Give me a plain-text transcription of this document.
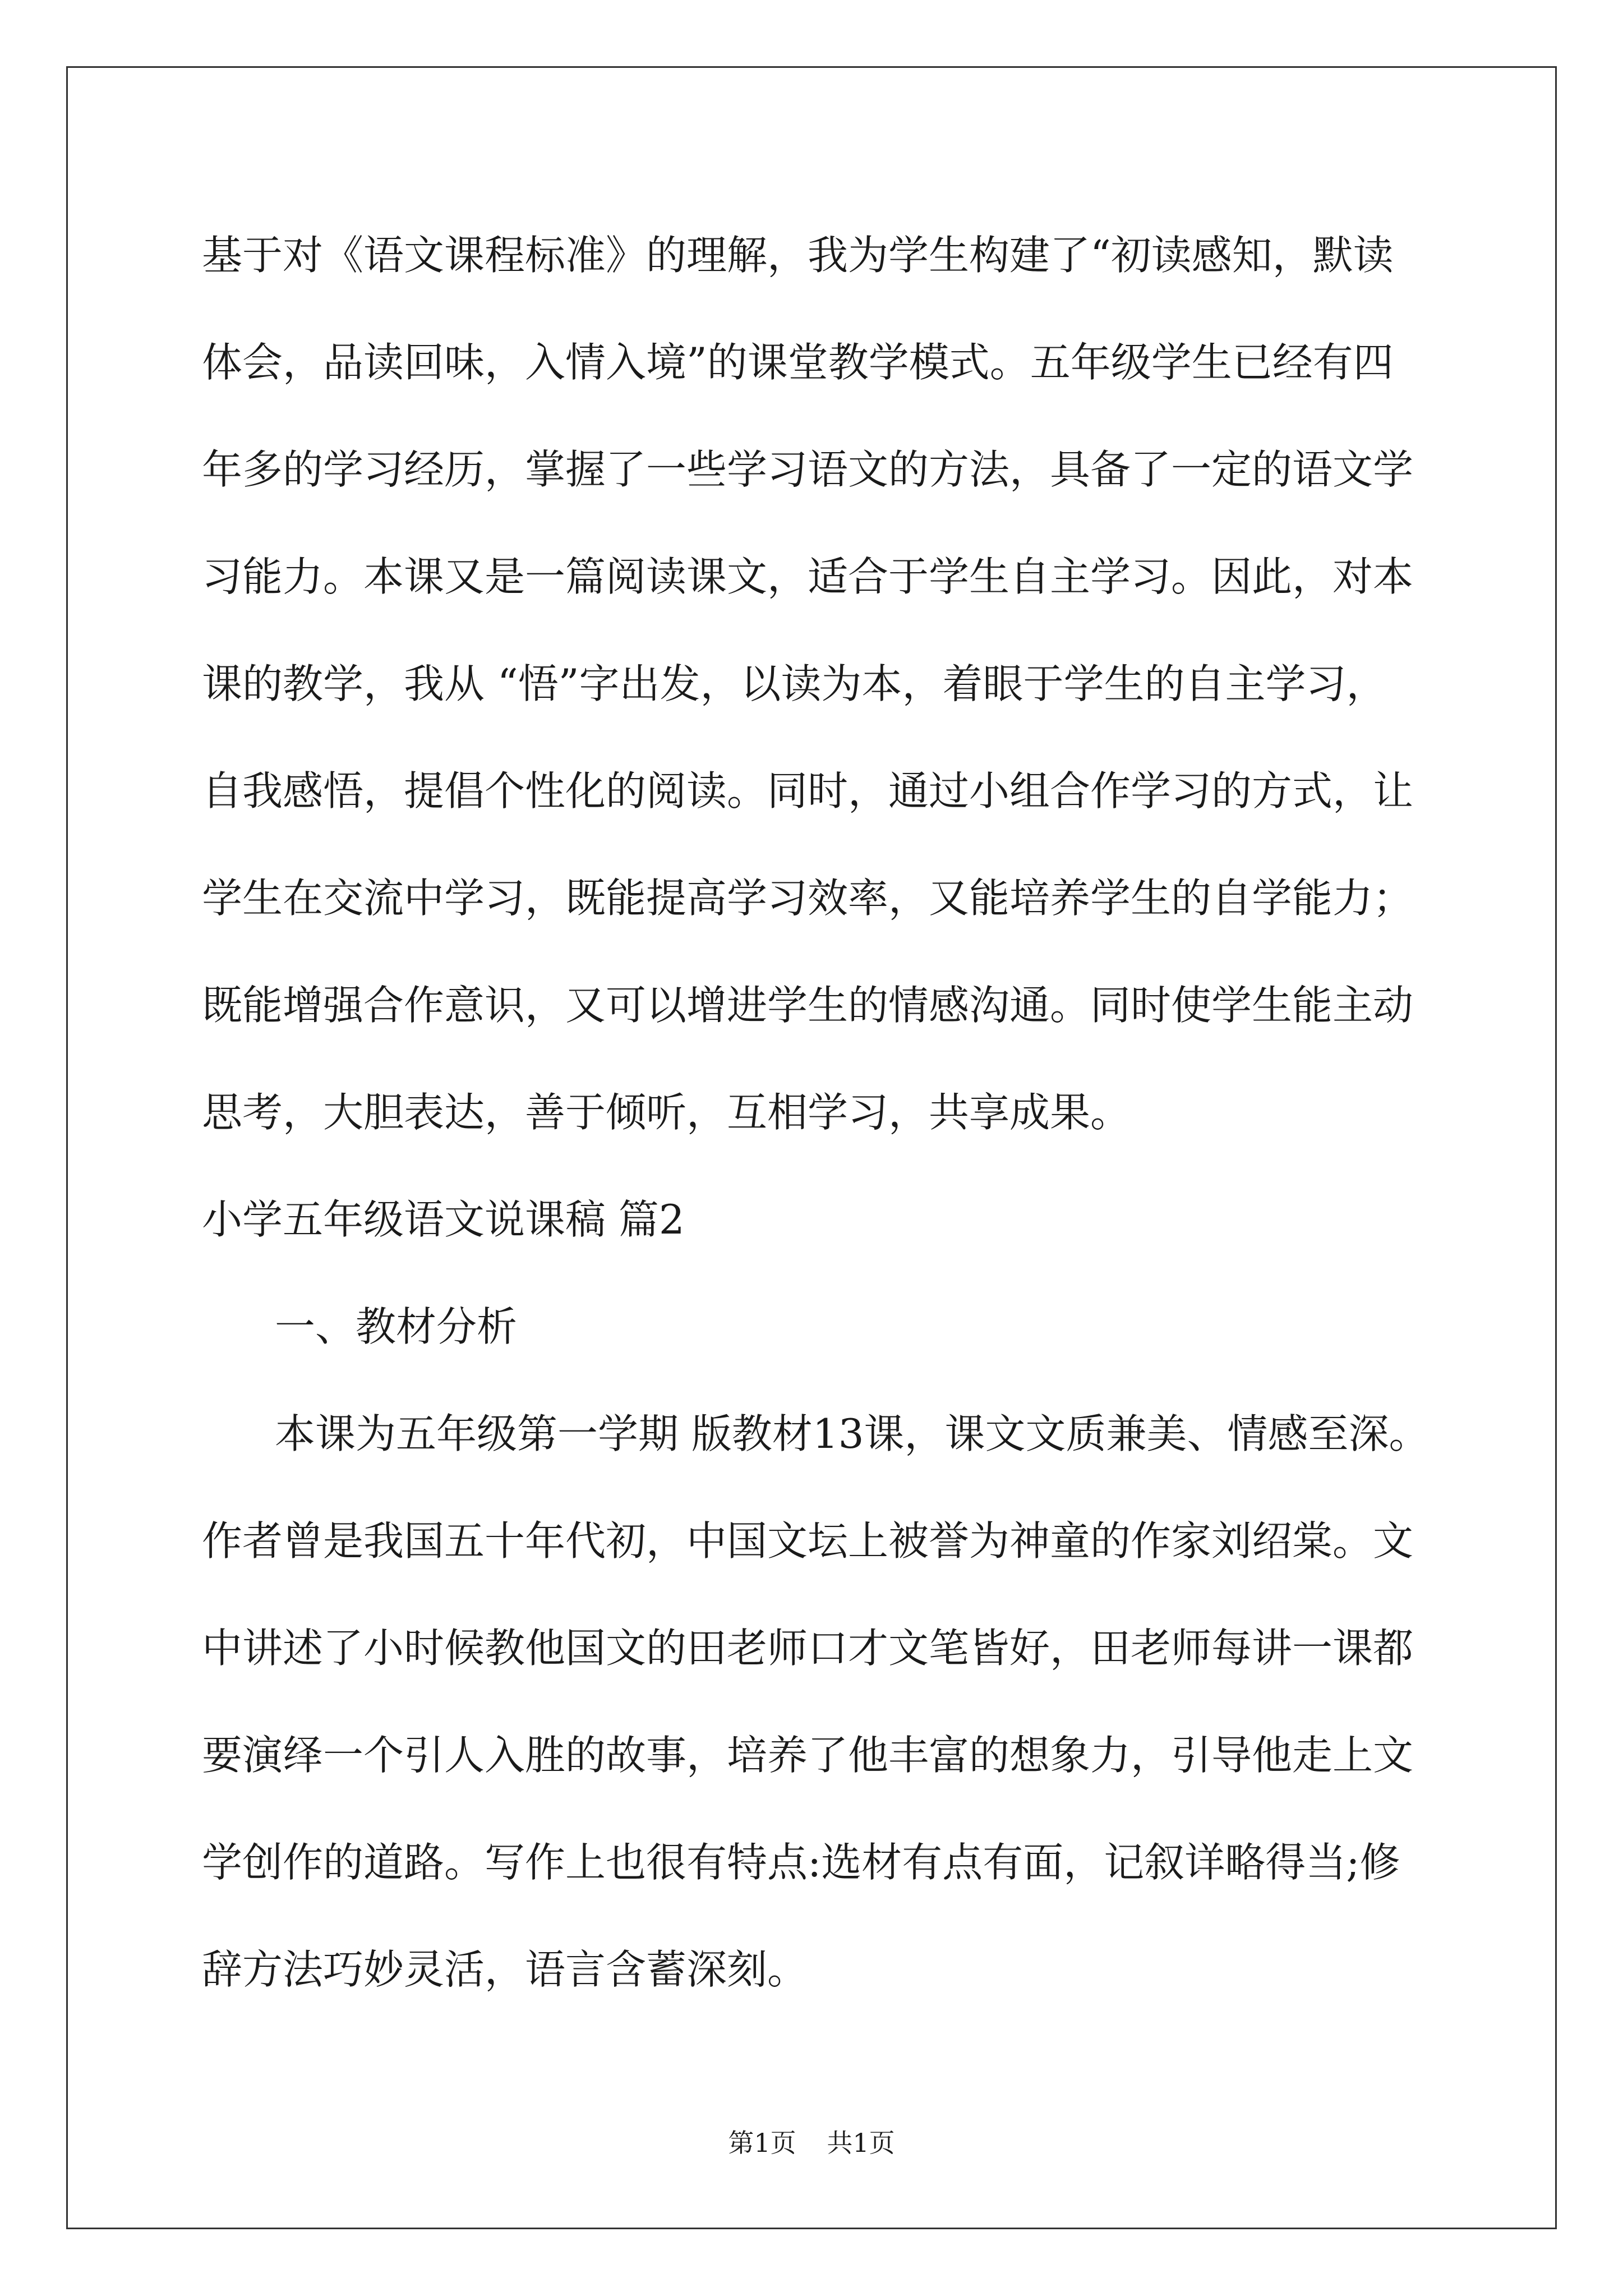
基于对《语文课程标准》的理解，我为学生构建了“初读感知，默读
体会，品读回味，入情入境”的课堂教学模式。五年级学生已经有四
年多的学习经历，掌握了一些学习语文的方法，具备了一定的语文学
习能力。本课又是一篇阅读课文，适合于学生自主学习。因此，对本
课的教学，我从 “悟”字出发，以读为本，着眼于学生的自主学习，
自我感悟，提倡个性化的阅读。同时，通过小组合作学习的方式，让
学生在交流中学习，既能提高学习效率，又能培养学生的自学能力；
既能增强合作意识，又可以增进学生的情感沟通。同时使学生能主动
思考，大胆表达，善于倾听，互相学习，共享成果。
小学五年级语文说课稿 篇2
一、教材分析
本课为五年级第一学期 版教材13课，课文文质兼美、情感至深。
作者曾是我国五十年代初，中国文坛上被誉为神童的作家刘绍棠。文
中讲述了小时候教他国文的田老师口才文笔皆好，田老师每讲一课都
要演绎一个引人入胜的故事，培养了他丰富的想象力，引导他走上文
学创作的道路。写作上也很有特点:选材有点有面，记叙详略得当;修
辞方法巧妙灵活，语言含蓄深刻。
第1页 共1页
